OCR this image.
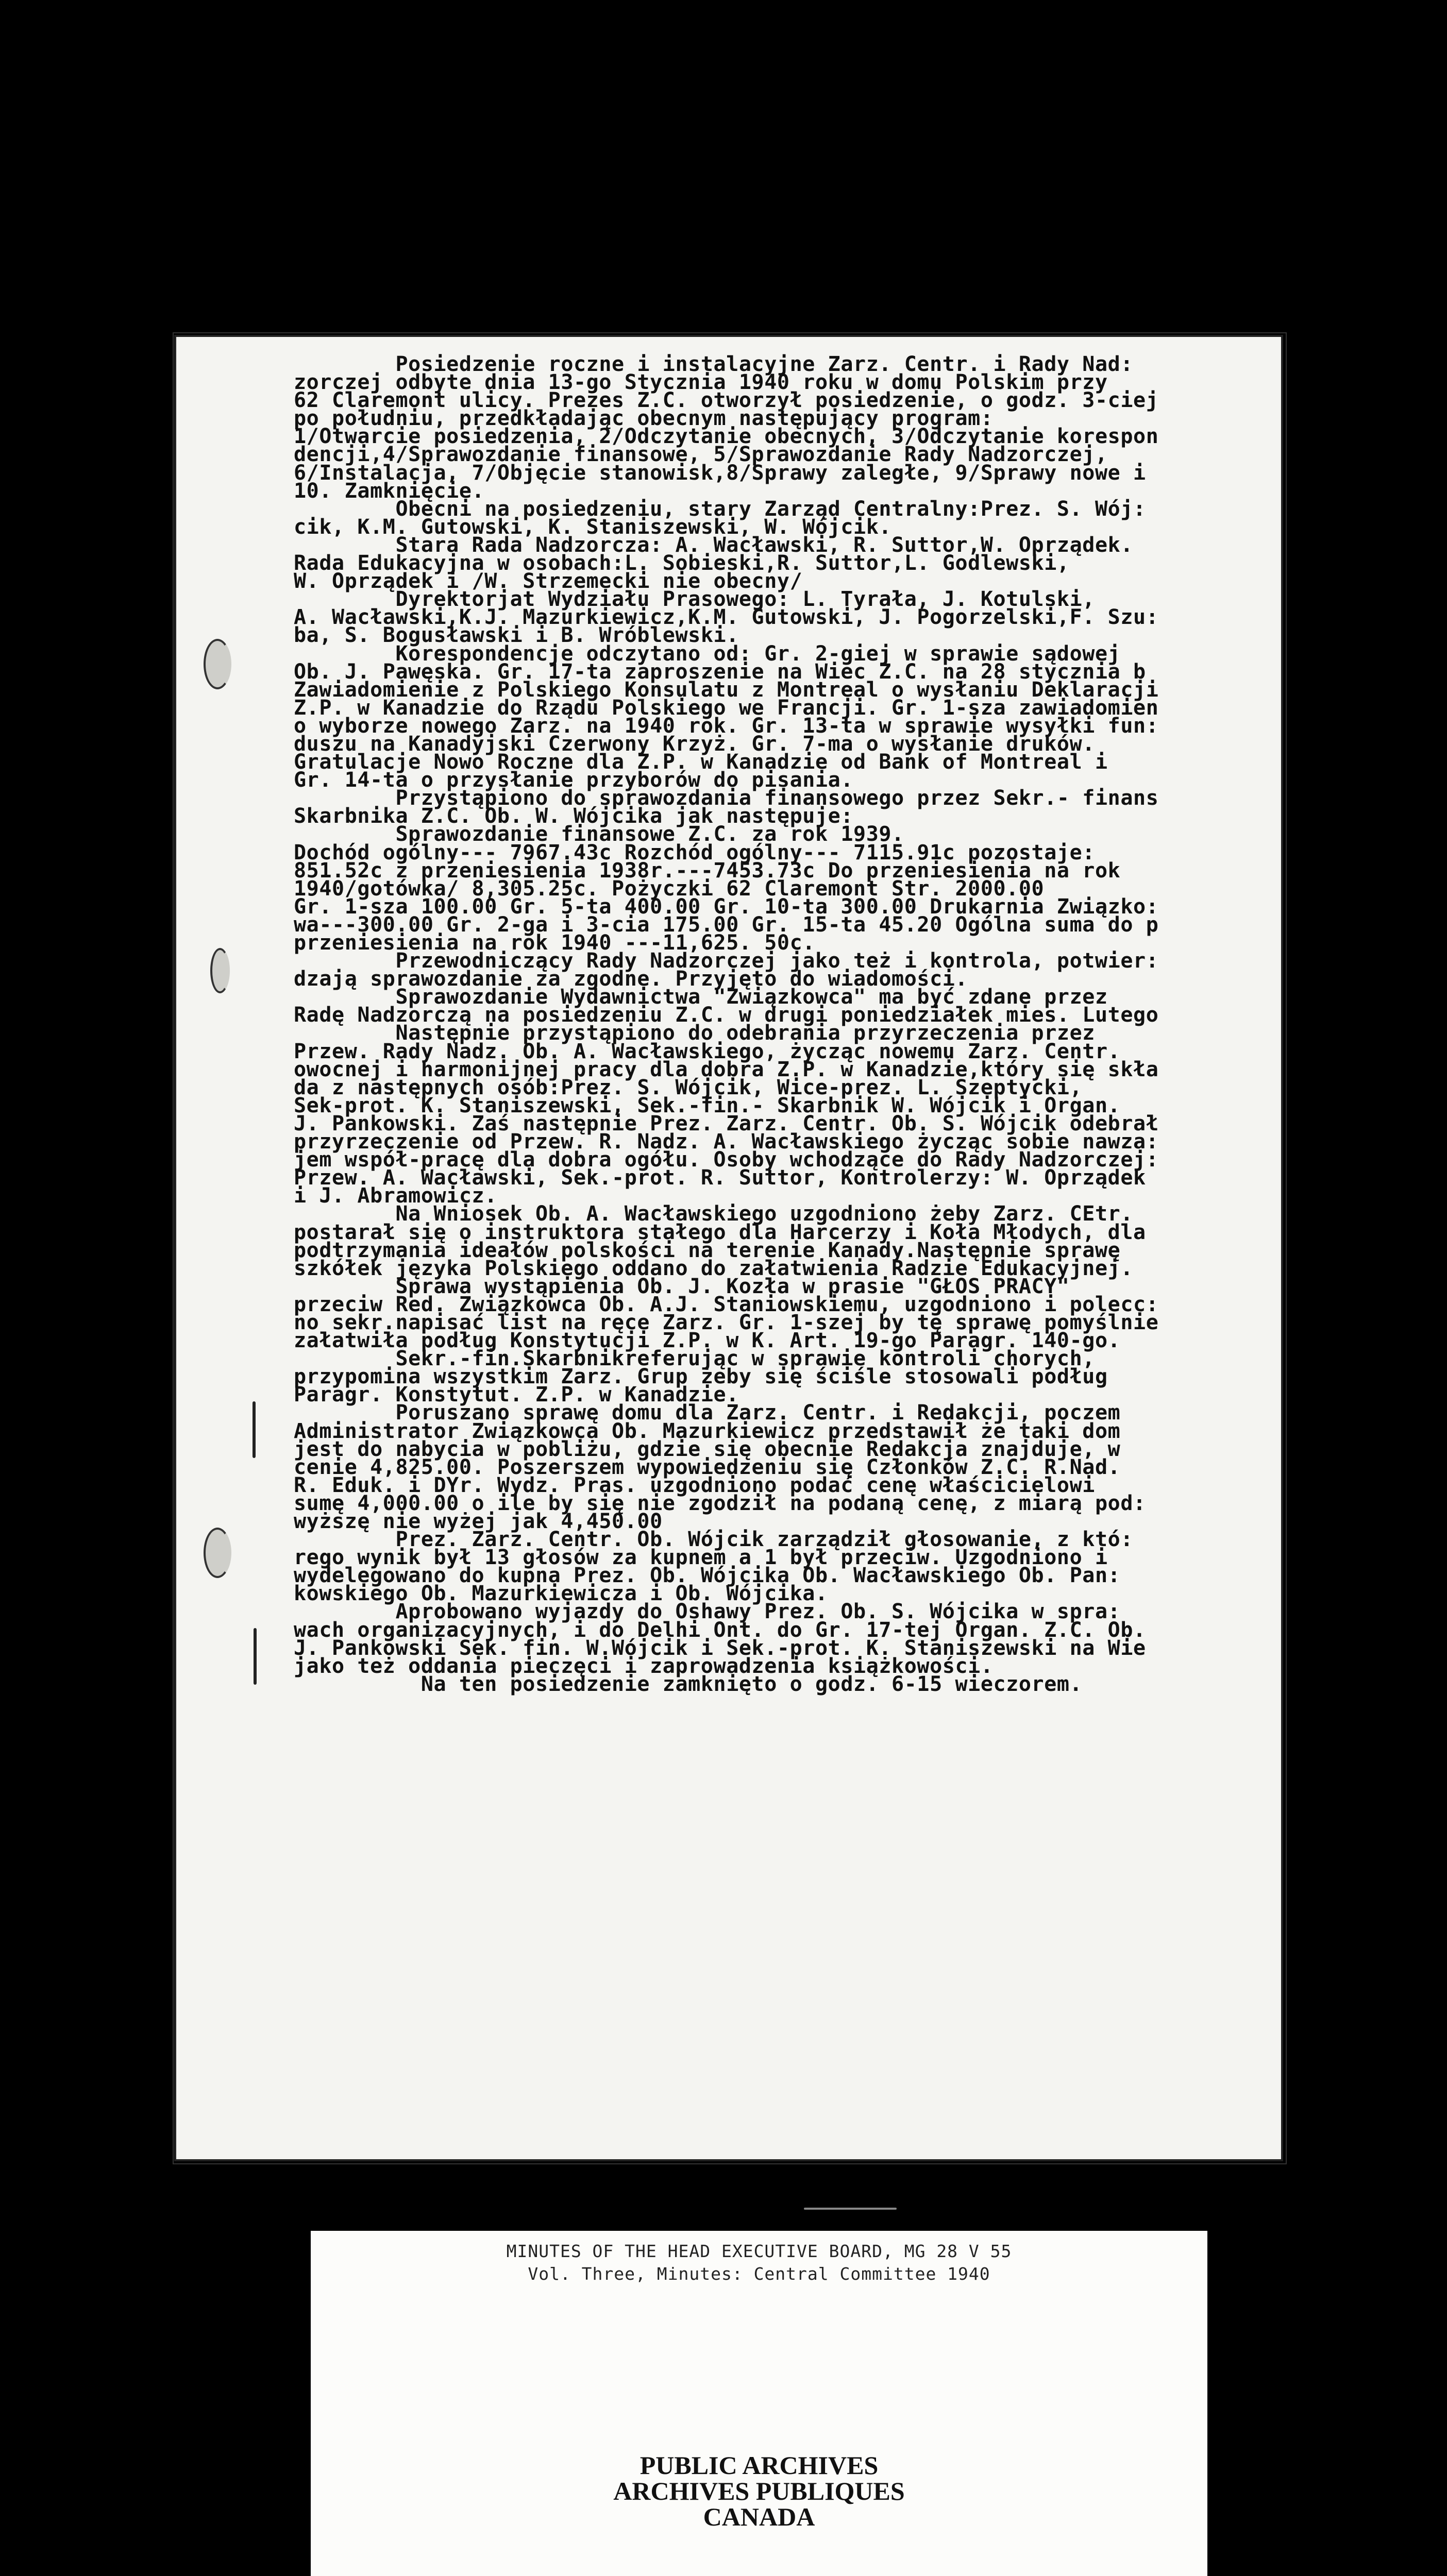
Posiedzenie roczne i instalacyjne Zarz. Centr. i Rady Nad:
zorczej odbyte dnia 13-go Stycznia 1940 roku w domu Polskim przy
62 Claremont ulicy. Prezes Z.C. otworzył posiedzenie, o godz. 3-ciej
po południu, przedkładając obecnym następujący program:
1/Otwarcie posiedzenia, 2/Odczytanie obecnych, 3/Odczytanie korespon
dencji,4/Sprawozdanie finansowe, 5/Sprawozdanie Rady Nadzorczej,
6/Instalacja, 7/Objęcie stanowisk,8/Sprawy zaległe, 9/Sprawy nowe i
10. Zamknięcie.
Obecni na posiedzeniu, stary Zarząd Centralny:Prez. S. Wój:
cik, K.M. Gutowski, K. Staniszewski, W. Wójcik.
Stara Rada Nadzorcza: A. Wacławski, R. Suttor,W. Oprządek.
Rada Edukacyjna w osobach:L. Sobieski,R. Suttor,L. Godlewski,
W. Oprządek i /W. Strzemecki nie obecny/
Dyrektorjat Wydziału Prasowego: L. Tyrała, J. Kotulski,
A. Wacławski,K.J. Mazurkiewicz,K.M. Gutowski, J. Pogorzelski,F. Szu:
ba, S. Bogusławski i B. Wróblewski.
Korespondencje odczytano od: Gr. 2-giej w sprawie sądowej
Ob. J. Pawęska. Gr. 17-ta zaproszenie na Wiec Z.C. na 28 stycznia b
Zawiadomienie z Polskiego Konsulatu z Montreal o wysłaniu Deklaracji
Z.P. w Kanadzie do Rządu Polskiego we Francji. Gr. 1-sza zawiadomien
o wyborze nowego Zarz. na 1940 rok. Gr. 13-ta w sprawie wysyłki fun:
duszu na Kanadyjski Czerwony Krzyż. Gr. 7-ma o wysłanie druków.
Gratulacje Nowo Roczne dla Z.P. w Kanadzie od Bank of Montreal i
Gr. 14-ta o przysłanie przyborów do pisania.
Przystąpiono do sprawozdania finansowego przez Sekr.- finans
Skarbnika Z.C. Ob. W. Wójcika jak następuje:
Sprawozdanie finansowe Z.C. za rok 1939.
Dochód ogólny--- 7967.43c Rozchód ogólny--- 7115.91c pozostaje:
851.52c z przeniesienia 1938r.---7453.73c Do przeniesienia na rok
1940/gotówka/ 8,305.25c. Pożyczki 62 Claremont Str. 2000.00
Gr. 1-sza 100.00 Gr. 5-ta 400.00 Gr. 10-ta 300.00 Drukarnia Związko:
wa---300.00 Gr. 2-ga i 3-cia 175.00 Gr. 15-ta 45.20 Ogólna suma do p
przeniesienia na rok 1940 ---11,625. 50c.
Przewodniczący Rady Nadzorczej jako też i kontrola, potwier:
dzają sprawozdanie za zgodne. Przyjęto do wiadomości.
Sprawozdanie Wydawnictwa "Związkowca" ma być zdane przez
Radę Nadzorczą na posiedzeniu Z.C. w drugi poniedziałek mies. Lutego
Następnie przystąpiono do odebrania przyrzeczenia przez
Przew. Rady Nadz. Ob. A. Wacławskiego, życząc nowemu Zarz. Centr.
owocnej i harmonijnej pracy dla dobra Z.P. w Kanadzie,który się skła
da z następnych osób:Prez. S. Wójcik, Wice-prez. L. Szeptycki,
Sek-prot. K. Staniszewski, Sek.-fin.- Skarbnik W. Wójcik i Organ.
J. Pankowski. Zaś następnie Prez. Zarz. Centr. Ob. S. Wójcik odebrał
przyrzeczenie od Przew. R. Nadz. A. Wacławskiego życząc sobie nawza:
jem współ-pracę dla dobra ogółu. Osoby wchodzące do Rady Nadzorczej:
Przew. A. Wacławski, Sek.-prot. R. Suttor, Kontrolerzy: W. Oprządek
i J. Abramowicz.
Na Wniosek Ob. A. Wacławskiego uzgodniono żeby Zarz. CEtr.
postarał się o instruktora stałego dla Harcerzy i Koła Młodych, dla
podtrzymania ideałów polskości na terenie Kanady.Następnie sprawę
szkółek języka Polskiego oddano do załatwienia Radzie Edukacyjnej.
Sprawa wystąpienia Ob. J. Kozła w prasie "GŁOS PRACY"
przeciw Red. Związkowca Ob. A.J. Staniowskiemu, uzgodniono i polecc:
no sekr.napisać list na ręce Zarz. Gr. 1-szej by tę sprawę pomyślnie
załatwiła podług Konstytucji Z.P. w K. Art. 19-go Paragr. 140-go.
Sekr.-fin.Skarbnikreferując w sprawie kontroli chorych,
przypomina wszystkim Zarz. Grup żeby się ściśle stosowali podług
Paragr. Konstytut. Z.P. w Kanadzie.
Poruszano sprawę domu dla Zarz. Centr. i Redakcji, poczem
Administrator Związkowca Ob. Mazurkiewicz przedstawił że taki dom
jest do nabycia w pobliżu, gdzie się obecnie Redakcja znajduje, w
cenie 4,825.00. Poszerszem wypowiedzeniu się Członków Z.C. R.Nad.
R. Eduk. i DYr. Wydz. Pras. uzgodniono podać cenę właścicielowi
sumę 4,000.00 o ile by się nie zgodził na podaną cenę, z miarą pod:
wyższę nie wyżej jak 4,450.00
Prez. Zarz. Centr. Ob. Wójcik zarządził głosowanie, z któ:
rego wynik był 13 głosów za kupnem a 1 był przeciw. Uzgodniono i
wydelegowano do kupna Prez. Ob. Wójcika Ob. Wacławskiego Ob. Pan:
kowskiego Ob. Mazurkiewicza i Ob. Wójcika.
Aprobowano wyjazdy do Oshawy Prez. Ob. S. Wójcika w spra:
wach organizacyjnych, i do Delhi Ont. do Gr. 17-tej Organ. Z.C. Ob.
J. Pankowski Sek. fin. W.Wójcik i Sek.-prot. K. Staniszewski na Wie
jako też oddania pieczęci i zaprowadzenia książkowości.
Na ten posiedzenie zamknięto o godz. 6-15 wieczorem.
MINUTES OF THE HEAD EXECUTIVE BOARD, MG 28 V 55
Vol. Three, Minutes: Central Committee 1940
PUBLIC ARCHIVES
ARCHIVES PUBLIQUES
CANADA
